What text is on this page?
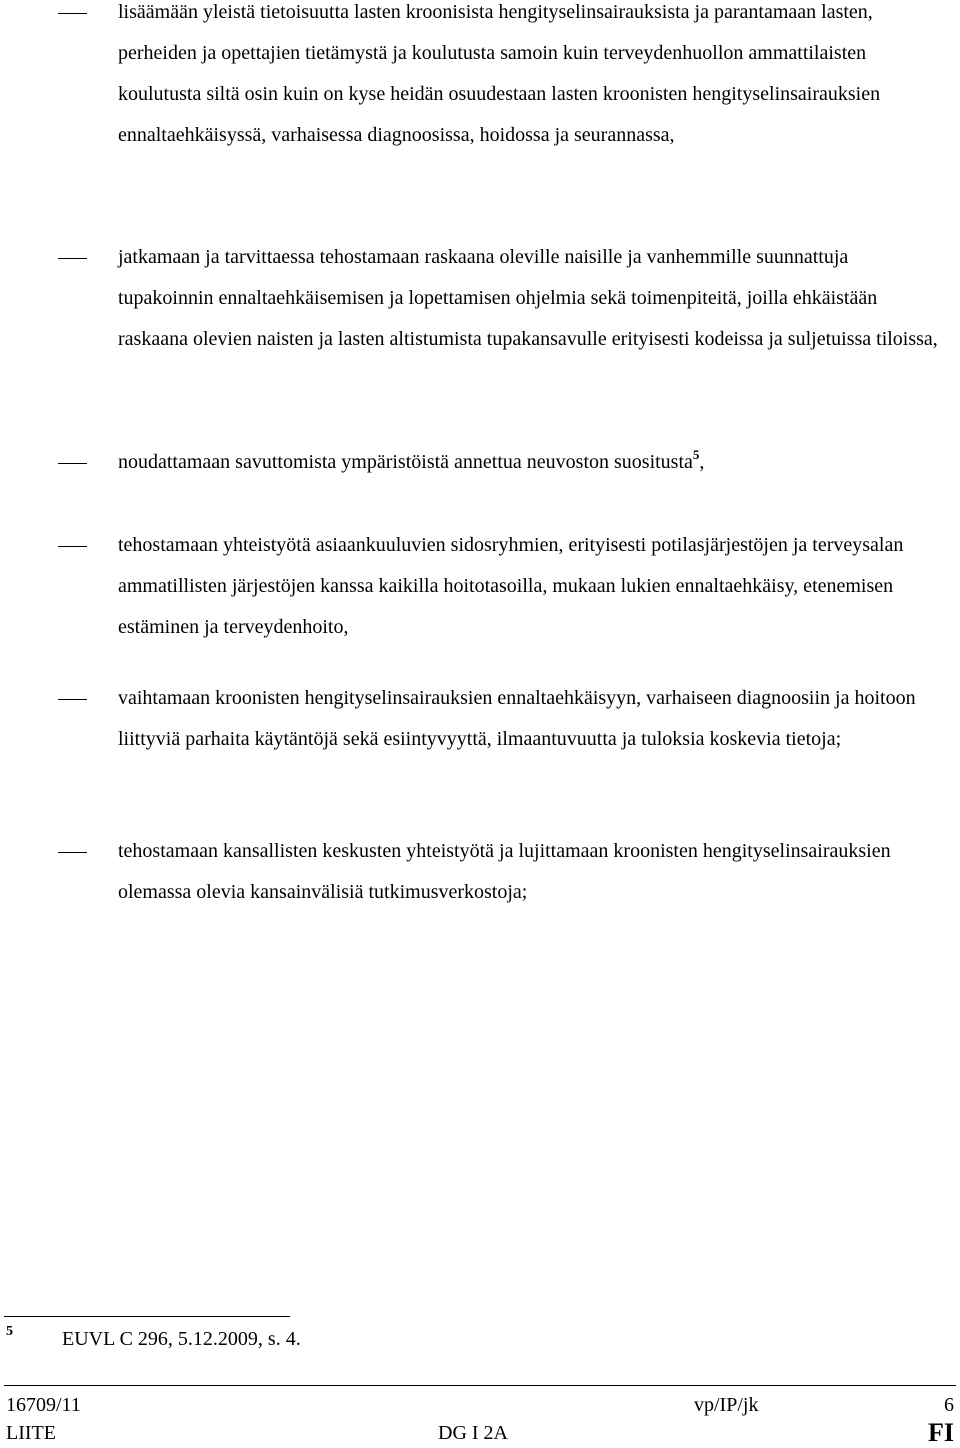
lisäämään yleistä tietoisuutta lasten kroonisista hengityselinsairauksista ja parantamaan lasten, perheiden ja opettajien tietämystä ja koulutusta samoin kuin terveydenhuollon ammattilaisten koulutusta siltä osin kuin on kyse heidän osuudestaan lasten kroonisten hengityselinsairauksien ennaltaehkäisyssä, varhaisessa diagnoosissa, hoidossa ja seurannassa,
jatkamaan ja tarvittaessa tehostamaan raskaana oleville naisille ja vanhemmille suunnattuja tupakoinnin ennaltaehkäisemisen ja lopettamisen ohjelmia sekä toimenpiteitä, joilla ehkäistään raskaana olevien naisten ja lasten altistumista tupakansavulle erityisesti kodeissa ja suljetuissa tiloissa,
noudattamaan savuttomista ympäristöistä annettua neuvoston suositusta$^5$,
tehostamaan yhteistyötä asiaankuuluvien sidosryhmien, erityisesti potilasjärjestöjen ja terveysalan ammatillisten järjestöjen kanssa kaikilla hoitotasoilla, mukaan lukien ennaltaehkäisy, etenemisen estäminen ja terveydenhoito,
vaihtamaan kroonisten hengityselinsairauksien ennaltaehkäisyyn, varhaiseen diagnoosiin ja hoitoon liittyviä parhaita käytäntöjä sekä esiintyvyyttä, ilmaantuvuutta ja tuloksia koskevia tietoja;
tehostamaan kansallisten keskusten yhteistyötä ja lujittamaan kroonisten hengityselinsairauksien olemassa olevia kansainvälisiä tutkimusverkostoja;
5 EUVL C 296, 5.12.2009, s. 4.
16709/11	vp/IP/jk	6
LIITE	DG I 2A	FI
